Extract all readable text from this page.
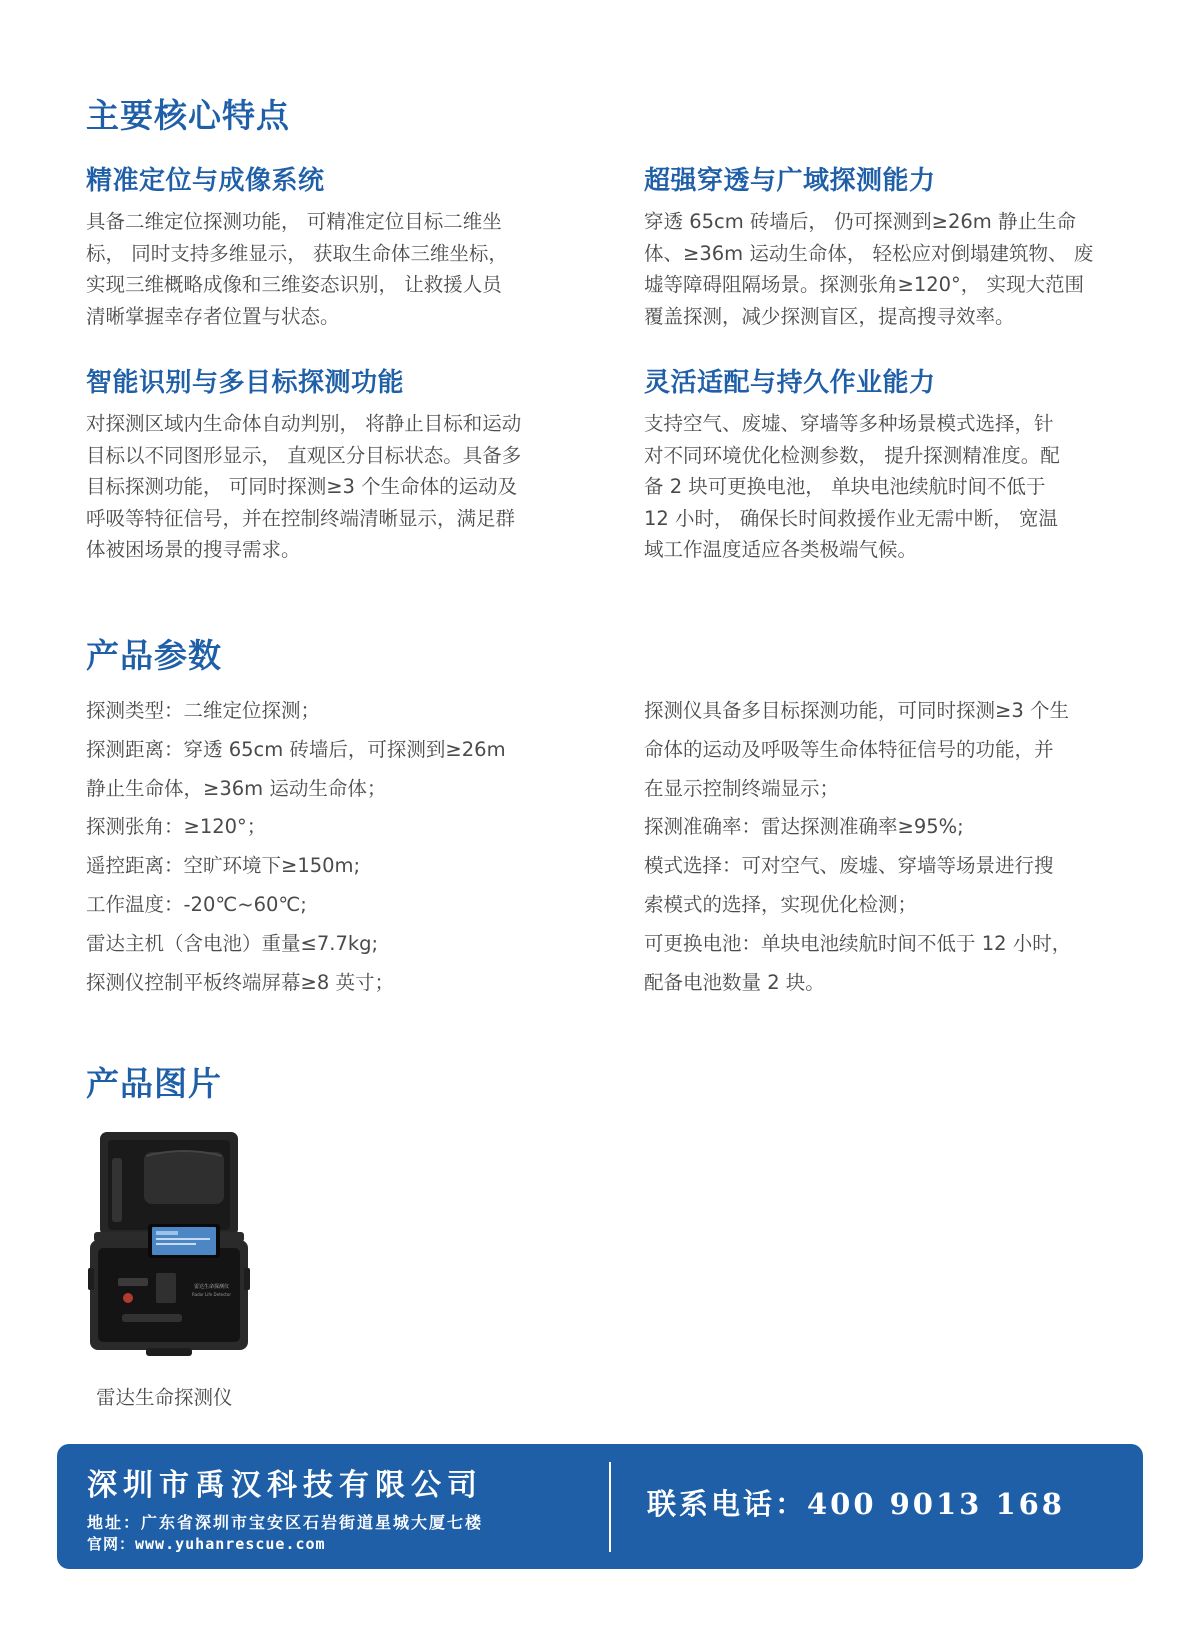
主要核心特点
精准定位与成像系统
具备二维定位探测功能， 可精准定位目标二维坐
标， 同时支持多维显示， 获取生命体三维坐标，
实现三维概略成像和三维姿态识别， 让救援人员
清晰掌握幸存者位置与状态。
超强穿透与广域探测能力
穿透 65cm 砖墙后， 仍可探测到≥26m 静止生命
体、≥36m 运动生命体， 轻松应对倒塌建筑物、 废
墟等障碍阻隔场景。探测张角≥120°， 实现大范围
覆盖探测，减少探测盲区，提高搜寻效率。
智能识别与多目标探测功能
对探测区域内生命体自动判别， 将静止目标和运动
目标以不同图形显示， 直观区分目标状态。具备多
目标探测功能， 可同时探测≥3 个生命体的运动及
呼吸等特征信号，并在控制终端清晰显示，满足群
体被困场景的搜寻需求。
灵活适配与持久作业能力
支持空气、废墟、穿墙等多种场景模式选择，针
对不同环境优化检测参数， 提升探测精准度。配
备 2 块可更换电池， 单块电池续航时间不低于
12 小时， 确保长时间救援作业无需中断， 宽温
域工作温度适应各类极端气候。
产品参数
探测类型：二维定位探测；
探测距离：穿透 65cm 砖墙后，可探测到≥26m
静止生命体，≥36m 运动生命体；
探测张角：≥120°；
遥控距离：空旷环境下≥150m;
工作温度：-20℃~60℃;
雷达主机（含电池）重量≤7.7kg;
探测仪控制平板终端屏幕≥8 英寸；
探测仪具备多目标探测功能，可同时探测≥3 个生
命体的运动及呼吸等生命体特征信号的功能，并
在显示控制终端显示；
探测准确率：雷达探测准确率≥95%;
模式选择：可对空气、废墟、穿墙等场景进行搜
索模式的选择，实现优化检测；
可更换电池：单块电池续航时间不低于 12 小时，
配备电池数量 2 块。
产品图片
雷达生命探测仪
Radar Life Detector
雷达生命探测仪
深圳市禹汉科技有限公司
地址：广东省深圳市宝安区石岩街道星城大厦七楼
官网：www.yuhanrescue.com
联系电话：400 9013 168
